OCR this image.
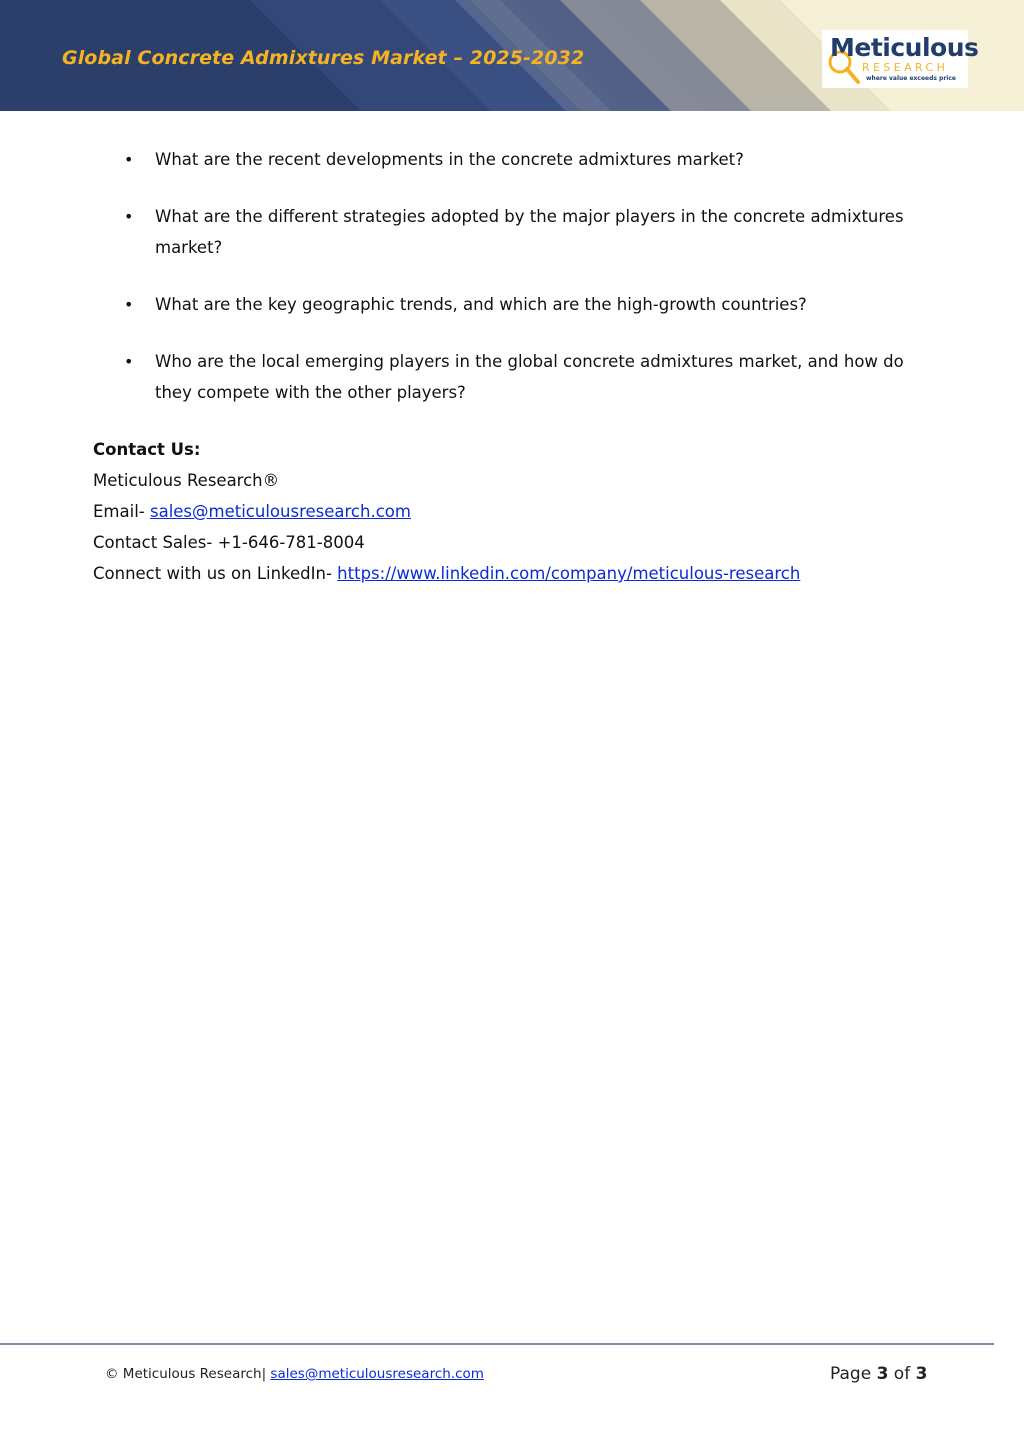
Global Concrete Admixtures Market – 2025-2032	Meticulous
RESEARCH
where value exceeds price
• What are the recent developments in the concrete admixtures market?
• What are the different strategies adopted by the major players in the concrete admixtures market?
• What are the key geographic trends, and which are the high-growth countries?
• Who are the local emerging players in the global concrete admixtures market, and how do they compete with the other players?
Contact Us:
Meticulous Research®
Email- sales@meticulousresearch.com
Contact Sales- +1-646-781-8004
Connect with us on LinkedIn- https://www.linkedin.com/company/meticulous-research
© Meticulous Research| sales@meticulousresearch.com	Page 3 of 3
